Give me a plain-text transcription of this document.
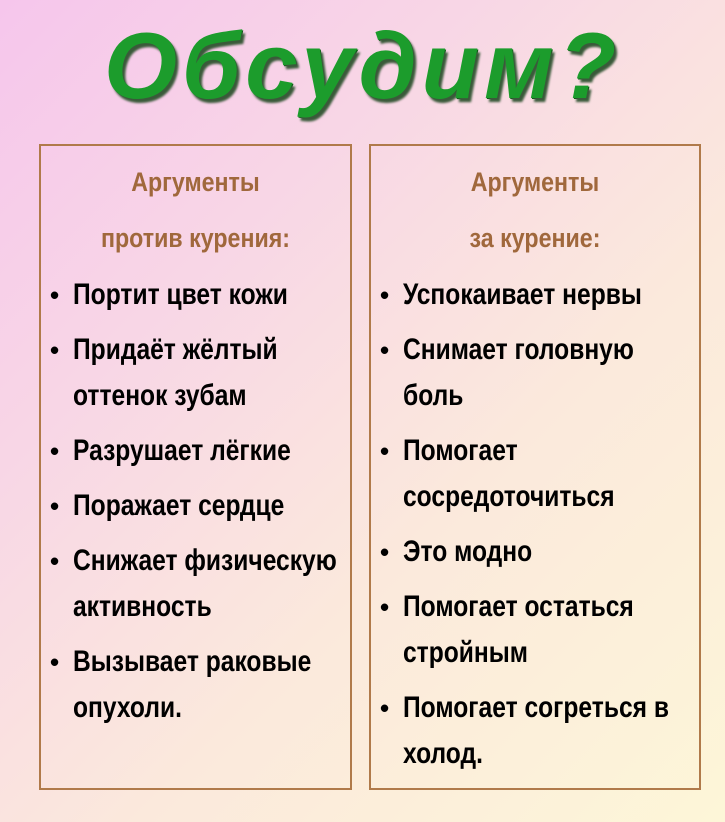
Обсудим?
Аргументы
против курения:
• Портит цвет кожи
• Придаёт жёлтый оттенок зубам
• Разрушает лёгкие
• Поражает сердце
• Снижает физическую активность
• Вызывает раковые опухоли.
Аргументы
за курение:
• Успокаивает нервы
• Снимает головную боль
• Помогает сосредоточиться
• Это модно
• Помогает остаться стройным
• Помогает согреться в холод.
